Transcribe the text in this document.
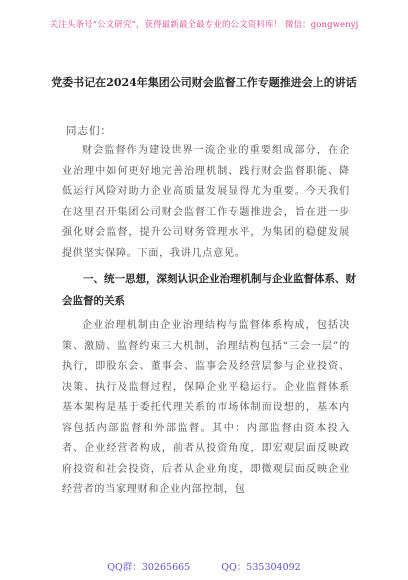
关注头条号“公文研究”，获得最新最全最专业的公文资料库！ 微信：gongwenyj
党委书记在2024年集团公司财会监督工作专题推进会上的讲话
同志们：
财会监督作为建设世界一流企业的重要组成部分，在企业治理中如何更好地完善治理机制、践行财会监督职能、降低运行风险对助力企业高质量发展显得尤为重要。今天我们在这里召开集团公司财会监督工作专题推进会，旨在进一步强化财会监督，提升公司财务管理水平，为集团的稳健发展提供坚实保障。下面，我讲几点意见。
一、统一思想，深刻认识企业治理机制与企业监督体系、财会监督的关系
企业治理机制由企业治理结构与监督体系构成，包括决策、激励、监督约束三大机制，治理结构包括“三会一层”的执行，即股东会、董事会、监事会及经营层参与企业投资、决策、执行及监督过程，保障企业平稳运行。企业监督体系基本架构是基于委托代理关系的市场体制而设想的，基本内容包括内部监督和外部监督。其中：内部监督由资本投入者、企业经营者构成，前者从投资角度，即宏观层面反映政府投资和社会投资，后者从企业角度，即微观层面反映企业经营者的当家理财和企业内部控制，包
QQ群：30265665	QQ：535304092
